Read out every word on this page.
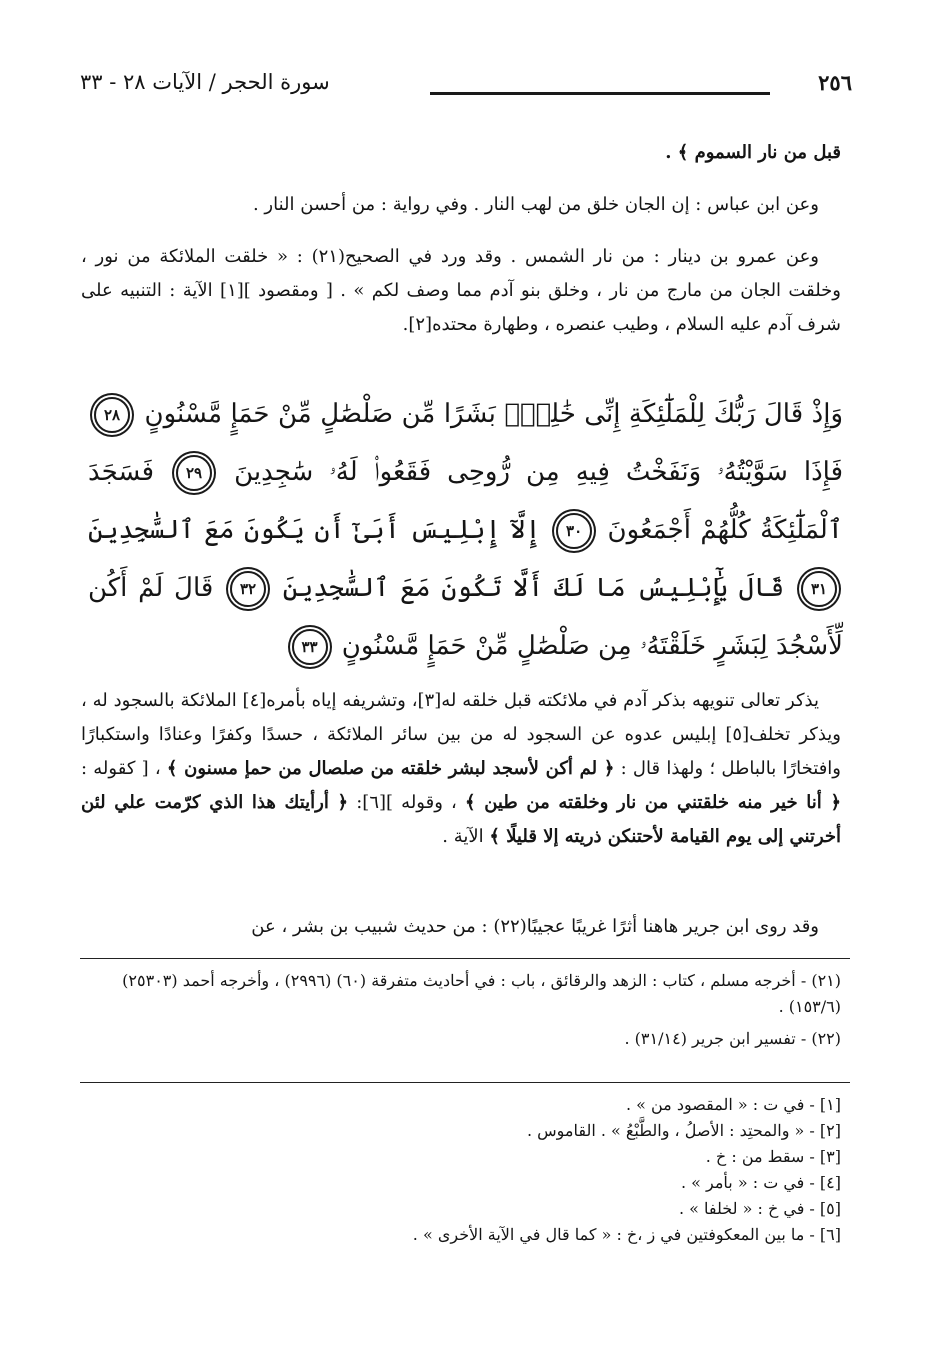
٢٥٦
سورة الحجر / الآيات ٢٨ - ٣٣

قبل من نار السموم ﴾ .

وعن ابن عباس : إن الجان خلق من لهب النار . وفي رواية : من أحسن النار .

وعن عمرو بن دينار : من نار الشمس . وقد ورد في الصحيح(٢١) : « خلقت الملائكة من نور ، وخلقت الجان من مارج من نار ، وخلق بنو آدم مما وصف لكم » . [ ومقصود ][١] الآية : التنبيه على شرف آدم عليه السلام ، وطيب عنصره ، وطهارة محتده[٢].

وَإِذْ قَالَ رَبُّكَ لِلْمَلَٰٓئِكَةِ إِنِّى خَٰلِقٌۢ بَشَرًا مِّن صَلْصَٰلٍ مِّنْ حَمَإٍ مَّسْنُونٍ ٢٨ فَإِذَا سَوَّيْتُهُۥ وَنَفَخْتُ فِيهِ مِن رُّوحِى فَقَعُوا۟ لَهُۥ سَٰجِدِينَ ٢٩ فَسَجَدَ ٱلْمَلَٰٓئِكَةُ كُلُّهُمْ أَجْمَعُونَ ٣٠ إِلَّآ إِبْلِيسَ أَبَىٰٓ أَن يَكُونَ مَعَ ٱلسَّٰجِدِينَ ٣١ قَالَ يَٰٓإِبْلِيسُ مَا لَكَ أَلَّا تَكُونَ مَعَ ٱلسَّٰجِدِينَ ٣٢ قَالَ لَمْ أَكُن لِّأَسْجُدَ لِبَشَرٍ خَلَقْتَهُۥ مِن صَلْصَٰلٍ مِّنْ حَمَإٍ مَّسْنُونٍ ٣٣

يذكر تعالى تنويهه بذكر آدم في ملائكته قبل خلقه له[٣]، وتشريفه إياه بأمره[٤] الملائكة بالسجود له ، ويذكر تخلف[٥] إبليس عدوه عن السجود له من بين سائر الملائكة ، حسدًا وكفرًا وعنادًا واستكبارًا وافتخارًا بالباطل ؛ ولهذا قال : ﴿ لم أكن لأسجد لبشر خلقته من صلصال من حمإ مسنون ﴾ ، [ كقوله : ﴿ أنا خير منه خلقتني من نار وخلقته من طين ﴾ ، وقوله ][٦]: ﴿ أرأيتك هذا الذي كرّمت علي لئن أخرتني إلى يوم القيامة لأحتنكن ذريته إلا قليلًا ﴾ الآية .

وقد روى ابن جرير هاهنا أثرًا غريبًا عجيبًا(٢٢) : من حديث شبيب بن بشر ، عن

(٢١) - أخرجه مسلم ، كتاب : الزهد والرقائق ، باب : في أحاديث متفرقة (٦٠) (٢٩٩٦) ، وأخرجه أحمد (٢٥٣٠٣) (١٥٣/٦) .

(٢٢) - تفسير ابن جرير (٣١/١٤) .

[١] - في ت : « المقصود من » .

[٢] - « والمحتِد : الأصلُ ، والطَّبْعُ » . القاموس .

[٣] - سقط من : خ .

[٤] - في ت : « بأمر » .

[٥] - في خ : « لخلفا » .

[٦] - ما بين المعكوفتين في ز ،خ : « كما قال في الآية الأخرى » .
